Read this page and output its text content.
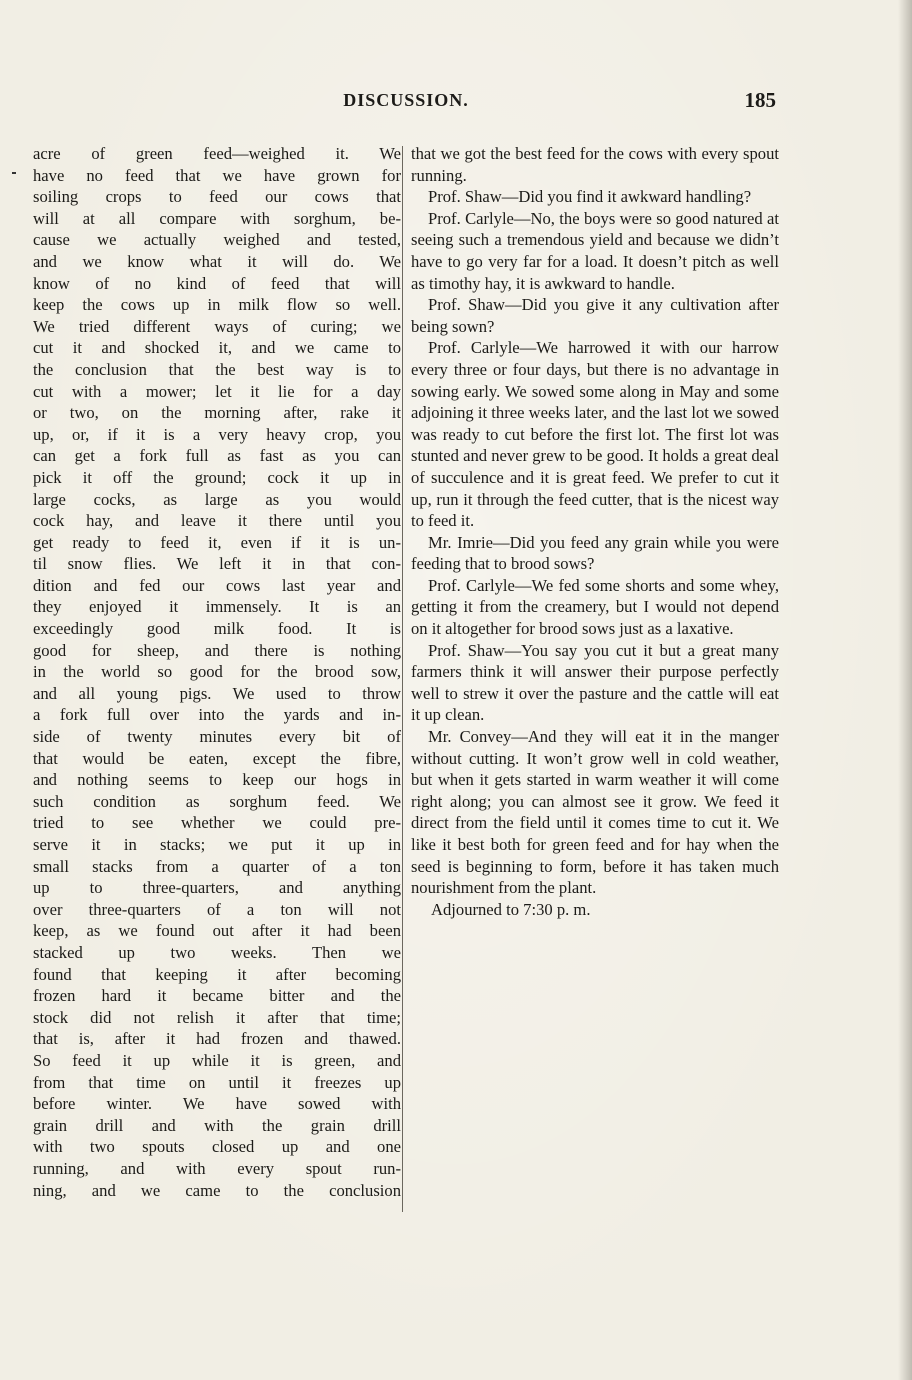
DISCUSSION.	185
acre of green feed—weighed it. We
have no feed that we have grown for
soiling crops to feed our cows that
will at all compare with sorghum, be-
cause we actually weighed and tested,
and we know what it will do. We
know of no kind of feed that will
keep the cows up in milk flow so well.
We tried different ways of curing; we
cut it and shocked it, and we came to
the conclusion that the best way is to
cut with a mower; let it lie for a day
or two, on the morning after, rake it
up, or, if it is a very heavy crop, you
can get a fork full as fast as you can
pick it off the ground; cock it up in
large cocks, as large as you would
cock hay, and leave it there until you
get ready to feed it, even if it is un-
til snow flies. We left it in that con-
dition and fed our cows last year and
they enjoyed it immensely. It is an
exceedingly good milk food. It is
good for sheep, and there is nothing
in the world so good for the brood sow,
and all young pigs. We used to throw
a fork full over into the yards and in-
side of twenty minutes every bit of
that would be eaten, except the fibre,
and nothing seems to keep our hogs in
such condition as sorghum feed. We
tried to see whether we could pre-
serve it in stacks; we put it up in
small stacks from a quarter of a ton
up to three-quarters, and anything
over three-quarters of a ton will not
keep, as we found out after it had been
stacked up two weeks. Then we
found that keeping it after becoming
frozen hard it became bitter and the
stock did not relish it after that time;
that is, after it had frozen and thawed.
So feed it up while it is green, and
from that time on until it freezes up
before winter. We have sowed with
grain drill and with the grain drill
with two spouts closed up and one
running, and with every spout run-
ning, and we came to the conclusion

that we got the best feed for the cows with every spout running.

Prof. Shaw—Did you find it awkward handling?

Prof. Carlyle—No, the boys were so good natured at seeing such a tremendous yield and because we didn’t have to go very far for a load. It doesn’t pitch as well as timothy hay, it is awkward to handle.

Prof. Shaw—Did you give it any cultivation after being sown?

Prof. Carlyle—We harrowed it with our harrow every three or four days, but there is no advantage in sowing early. We sowed some along in May and some adjoining it three weeks later, and the last lot we sowed was ready to cut before the first lot. The first lot was stunted and never grew to be good. It holds a great deal of succulence and it is great feed. We prefer to cut it up, run it through the feed cutter, that is the nicest way to feed it.

Mr. Imrie—Did you feed any grain while you were feeding that to brood sows?

Prof. Carlyle—We fed some shorts and some whey, getting it from the creamery, but I would not depend on it altogether for brood sows just as a laxative.

Prof. Shaw—You say you cut it but a great many farmers think it will answer their purpose perfectly well to strew it over the pasture and the cattle will eat it up clean.

Mr. Convey—And they will eat it in the manger without cutting. It won’t grow well in cold weather, but when it gets started in warm weather it will come right along; you can almost see it grow. We feed it direct from the field until it comes time to cut it. We like it best both for green feed and for hay when the seed is beginning to form, before it has taken much nourishment from the plant.

Adjourned to 7:30 p. m.
